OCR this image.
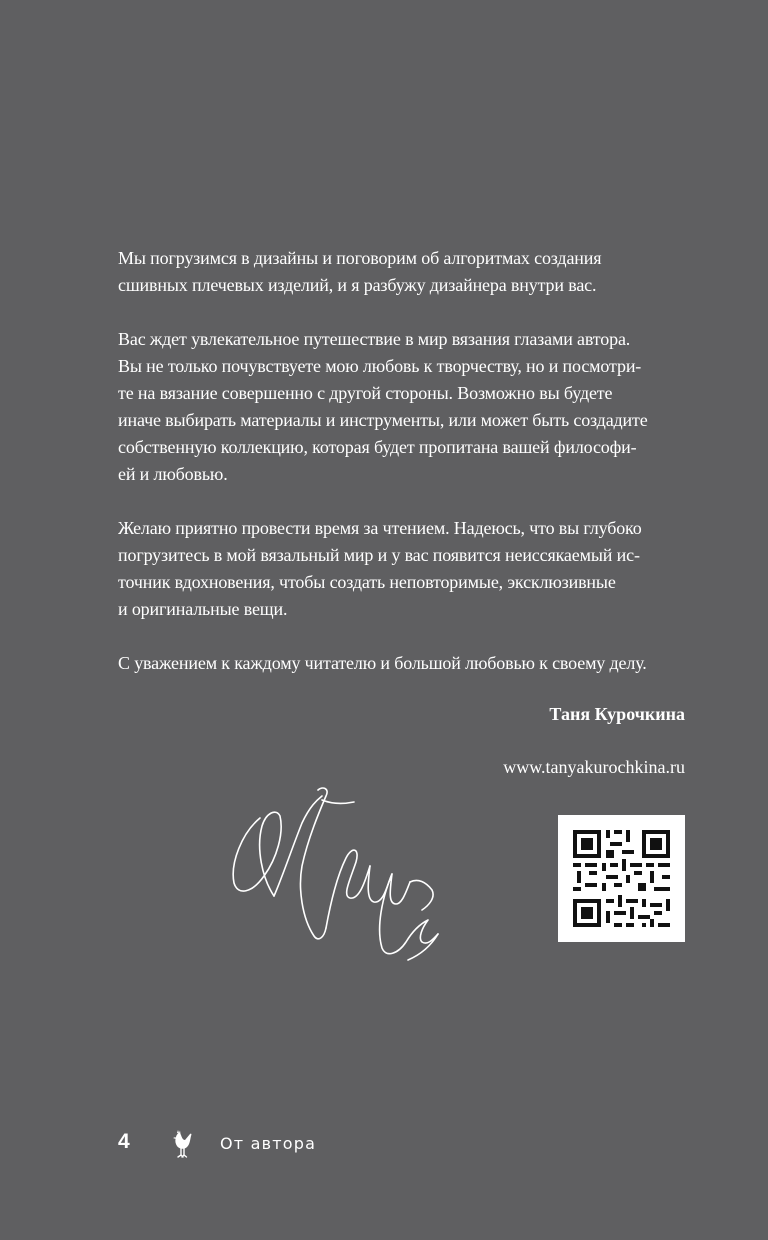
Мы погрузимся в дизайны и поговорим об алгоритмах создания
сшивных плечевых изделий, и я разбужу дизайнера внутри вас.

Вас ждет увлекательное путешествие в мир вязания глазами автора.
Вы не только почувствуете мою любовь к творчеству, но и посмотри-
те на вязание совершенно с другой стороны. Возможно вы будете
иначе выбирать материалы и инструменты, или может быть создадите
собственную коллекцию, которая будет пропитана вашей философи-
ей и любовью.

Желаю приятно провести время за чтением. Надеюсь, что вы глубоко
погрузитесь в мой вязальный мир и у вас появится неиссякаемый ис-
точник вдохновения, чтобы создать неповторимые, эксклюзивные
и оригинальные вещи.

С уважением к каждому читателю и большой любовью к своему делу.

Таня Курочкина
www.tanyakurochkina.ru
4	От автора
